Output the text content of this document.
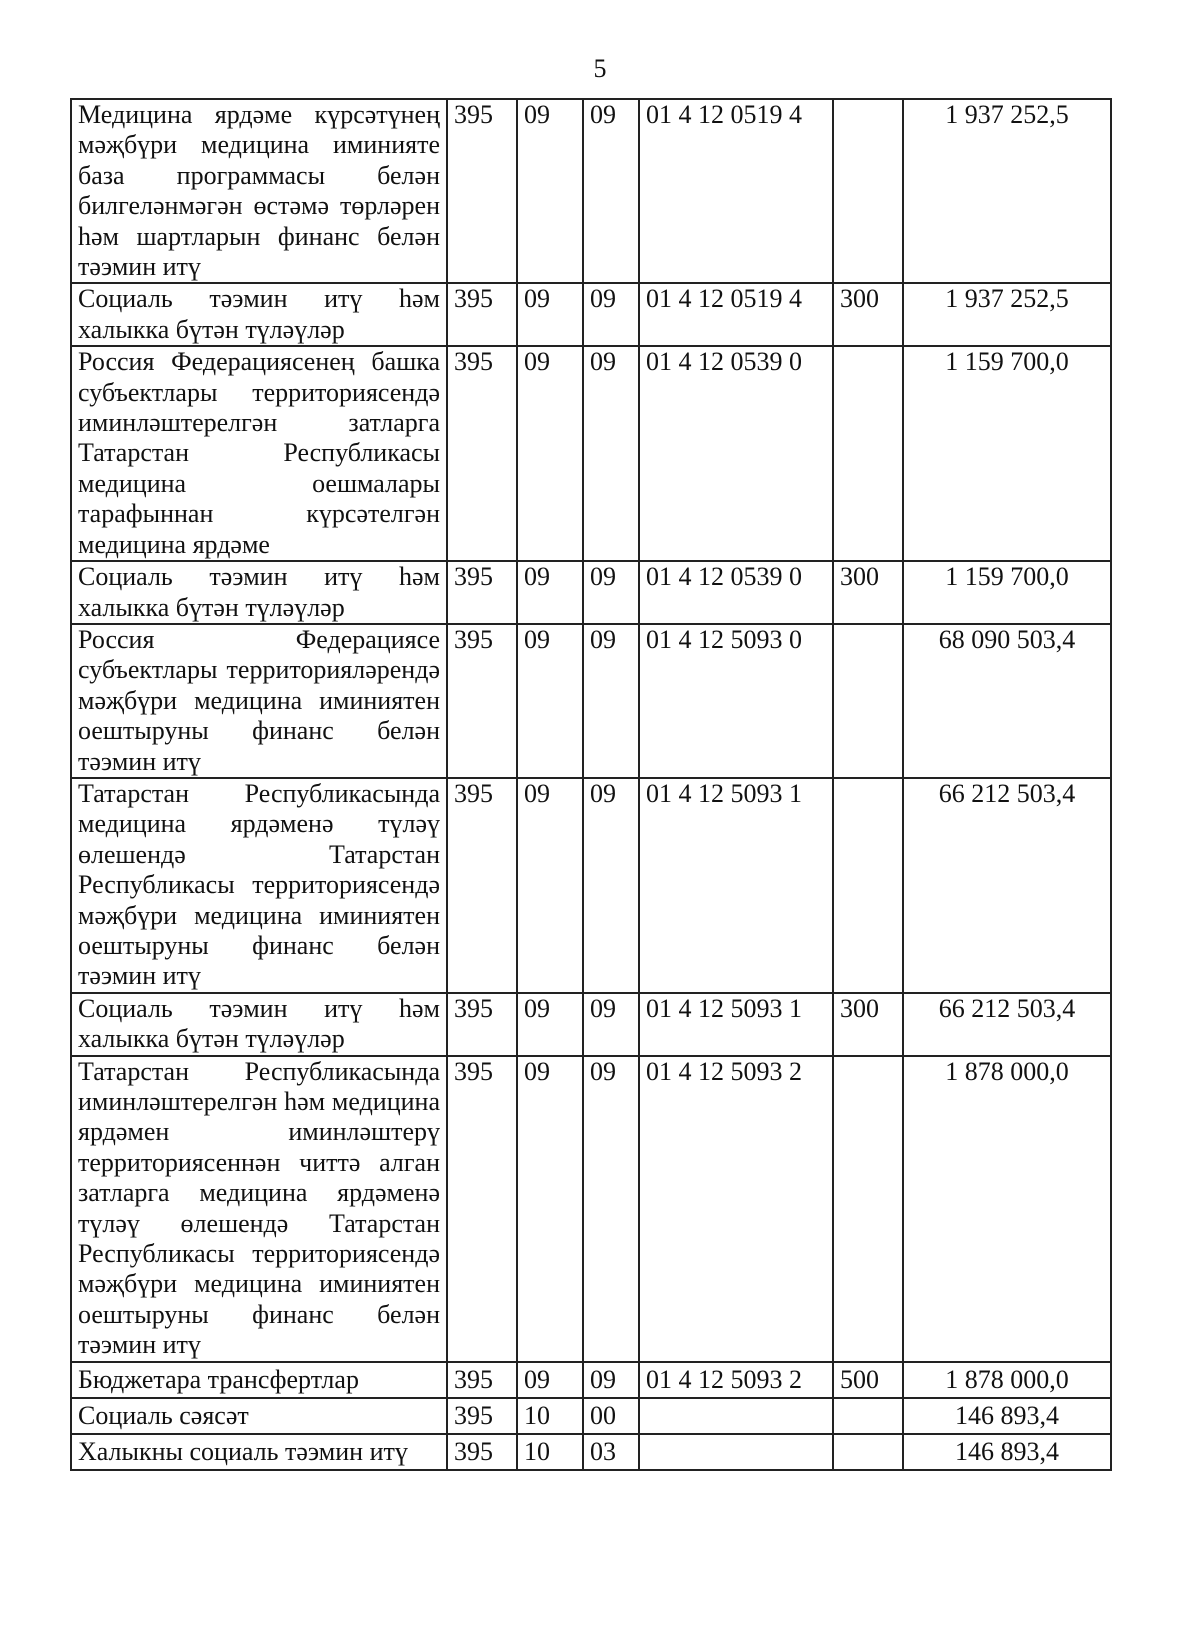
5
Медицина ярдәме күрсәтүнең мәҗбүри медицина иминияте база программасы белән билгеләнмәгән өстәмә төрләрен һәм шартларын финанс белән тәэмин итү	395	09	09	01 4 12 0519 4		1 937 252,5
Социаль тәэмин итү һәм халыкка бүтән түләүләр	395	09	09	01 4 12 0519 4	300	1 937 252,5
Россия Федерациясенең башка субъектлары территориясендә иминләштерелгән затларга Татарстан Республикасы медицина оешмалары тарафыннан күрсәтелгән медицина ярдәме	395	09	09	01 4 12 0539 0		1 159 700,0
Социаль тәэмин итү һәм халыкка бүтән түләүләр	395	09	09	01 4 12 0539 0	300	1 159 700,0
Россия Федерациясе субъектлары территорияләрендә мәҗбүри медицина иминиятен оештыруны финанс белән тәэмин итү	395	09	09	01 4 12 5093 0		68 090 503,4
Татарстан Республикасында медицина ярдәменә түләү өлешендә Татарстан Республикасы территориясендә мәҗбүри медицина иминиятен оештыруны финанс белән тәэмин итү	395	09	09	01 4 12 5093 1		66 212 503,4
Социаль тәэмин итү һәм халыкка бүтән түләүләр	395	09	09	01 4 12 5093 1	300	66 212 503,4
Татарстан Республикасында иминләштерелгән һәм медицина ярдәмен иминләштерү территориясеннән читтә алган затларга медицина ярдәменә түләү өлешендә Татарстан Республикасы территориясендә мәҗбүри медицина иминиятен оештыруны финанс белән тәэмин итү	395	09	09	01 4 12 5093 2		1 878 000,0
Бюджетара трансфертлар	395	09	09	01 4 12 5093 2	500	1 878 000,0
Социаль сәясәт	395	10	00			146 893,4
Халыкны социаль тәэмин итү	395	10	03			146 893,4
